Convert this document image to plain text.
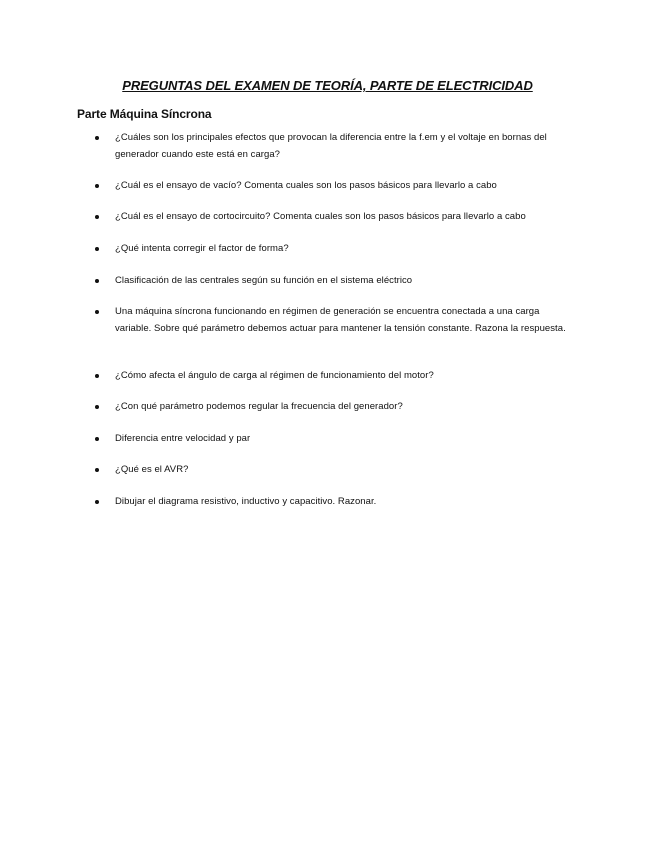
PREGUNTAS DEL EXAMEN DE TEORÍA, PARTE DE ELECTRICIDAD
Parte Máquina Síncrona
¿Cuáles son los principales efectos que provocan la diferencia entre la f.em y el voltaje en bornas del generador cuando este está en carga?
¿Cuál es el ensayo de vacío? Comenta cuales son los pasos básicos para llevarlo a cabo
¿Cuál es el ensayo de cortocircuito? Comenta cuales son los pasos básicos para llevarlo a cabo
¿Qué intenta corregir el factor de forma?
Clasificación de las centrales según su función en el sistema eléctrico
Una máquina síncrona funcionando en régimen de generación se encuentra conectada a una carga variable. Sobre qué parámetro debemos actuar para mantener la tensión constante. Razona la respuesta.
¿Cómo afecta el ángulo de carga al régimen de funcionamiento del motor?
¿Con qué parámetro podemos regular la frecuencia del generador?
Diferencia entre velocidad y par
¿Qué es el AVR?
Dibujar el diagrama resistivo, inductivo y capacitivo. Razonar.
